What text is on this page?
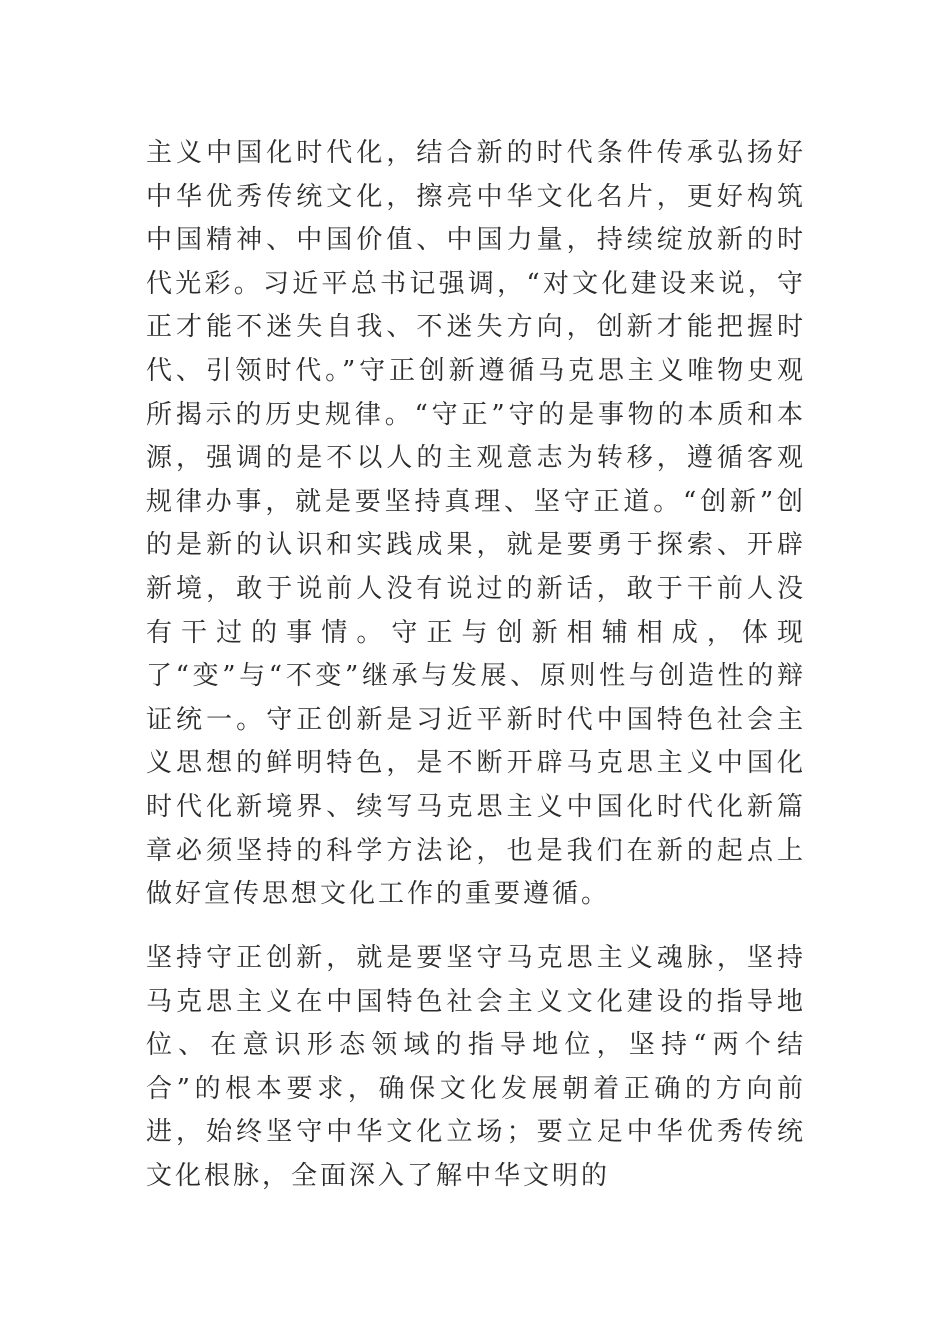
主义中国化时代化，结合新的时代条件传承弘扬好中华优秀传统文化，擦亮中华文化名片，更好构筑中国精神、中国价值、中国力量，持续绽放新的时代光彩。习近平总书记强调，“对文化建设来说，守正才能不迷失自我、不迷失方向，创新才能把握时代、引领时代。”守正创新遵循马克思主义唯物史观所揭示的历史规律。“守正”守的是事物的本质和本源，强调的是不以人的主观意志为转移，遵循客观规律办事，就是要坚持真理、坚守正道。“创新”创的是新的认识和实践成果，就是要勇于探索、开辟新境，敢于说前人没有说过的新话，敢于干前人没有干过的事情。守正与创新相辅相成，体现了“变”与“不变”继承与发展、原则性与创造性的辩证统一。守正创新是习近平新时代中国特色社会主义思想的鲜明特色，是不断开辟马克思主义中国化时代化新境界、续写马克思主义中国化时代化新篇章必须坚持的科学方法论，也是我们在新的起点上做好宣传思想文化工作的重要遵循。

坚持守正创新，就是要坚守马克思主义魂脉，坚持马克思主义在中国特色社会主义文化建设的指导地位、在意识形态领域的指导地位，坚持“两个结合”的根本要求，确保文化发展朝着正确的方向前进，始终坚守中华文化立场；要立足中华优秀传统文化根脉，全面深入了解中华文明的
